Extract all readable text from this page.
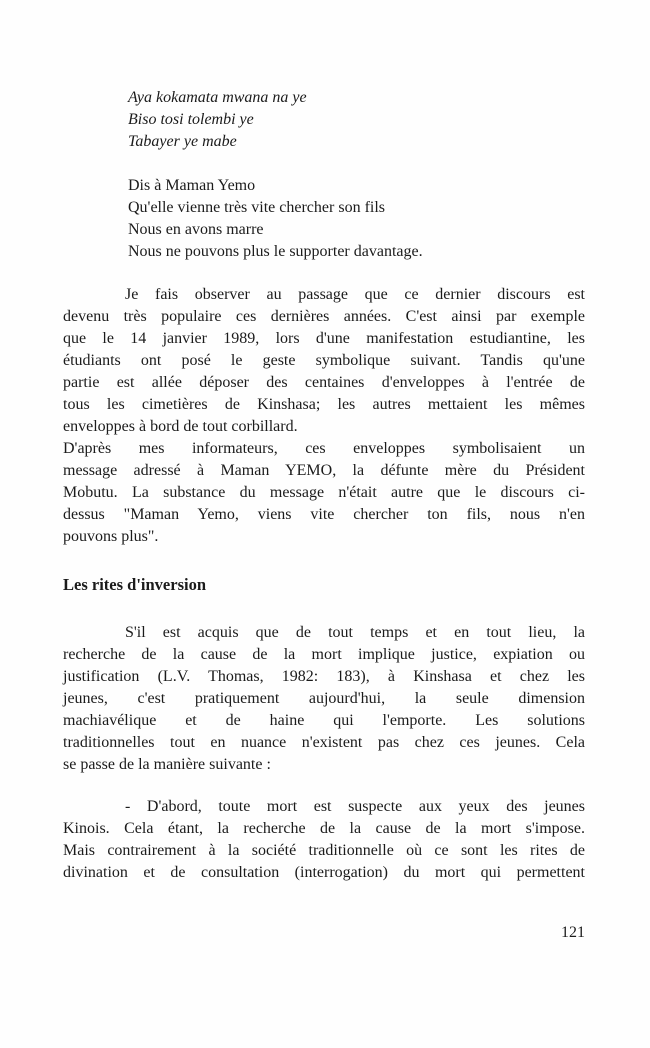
Aya kokamata mwana na ye
Biso tosi tolembi ye
Tabayer ye mabe
Dis à Maman Yemo
Qu'elle vienne très vite chercher son fils
Nous en avons marre
Nous ne pouvons plus le supporter davantage.
Je fais observer au passage que ce dernier discours est
devenu très populaire ces dernières années. C'est ainsi par exemple
que le 14 janvier 1989, lors d'une manifestation estudiantine, les
étudiants ont posé le geste symbolique suivant. Tandis qu'une
partie est allée déposer des centaines d'enveloppes à l'entrée de
tous les cimetières de Kinshasa; les autres mettaient les mêmes
enveloppes à bord de tout corbillard.
D'après mes informateurs, ces enveloppes symbolisaient un
message adressé à Maman YEMO, la défunte mère du Président
Mobutu. La substance du message n'était autre que le discours ci-
dessus "Maman Yemo, viens vite chercher ton fils, nous n'en
pouvons plus".
Les rites d'inversion
S'il est acquis que de tout temps et en tout lieu, la
recherche de la cause de la mort implique justice, expiation ou
justification (L.V. Thomas, 1982: 183), à Kinshasa et chez les
jeunes, c'est pratiquement aujourd'hui, la seule dimension
machiavélique et de haine qui l'emporte. Les solutions
traditionnelles tout en nuance n'existent pas chez ces jeunes. Cela
se passe de la manière suivante :
- D'abord, toute mort est suspecte aux yeux des jeunes
Kinois. Cela étant, la recherche de la cause de la mort s'impose.
Mais contrairement à la société traditionnelle où ce sont les rites de
divination et de consultation (interrogation) du mort qui permettent
121
